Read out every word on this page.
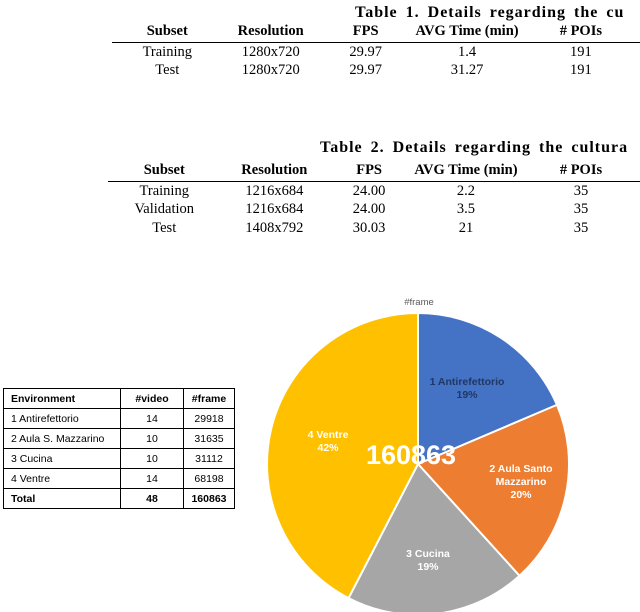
Table 1. Details regarding the cu
Subset	Resolution	FPS	AVG Time (min)	# POIs
Training	1280x720	29.97	1.4	191
Test	1280x720	29.97	31.27	191
Table 2. Details regarding the cultura
Subset	Resolution	FPS	AVG Time (min)	# POIs
Training	1216x684	24.00	2.2	35
Validation	1216x684	24.00	3.5	35
Test	1408x792	30.03	21	35
Environment	#video	#frame
1 Antirefettorio	14	29918
2 Aula S. Mazzarino	10	31635
3 Cucina	10	31112
4 Ventre	14	68198
Total	48	160863
#frame
1 Antirefettorio
19%
2 Aula Santo Mazzarino
20%
3 Cucina
19%
4 Ventre
42%	160863
